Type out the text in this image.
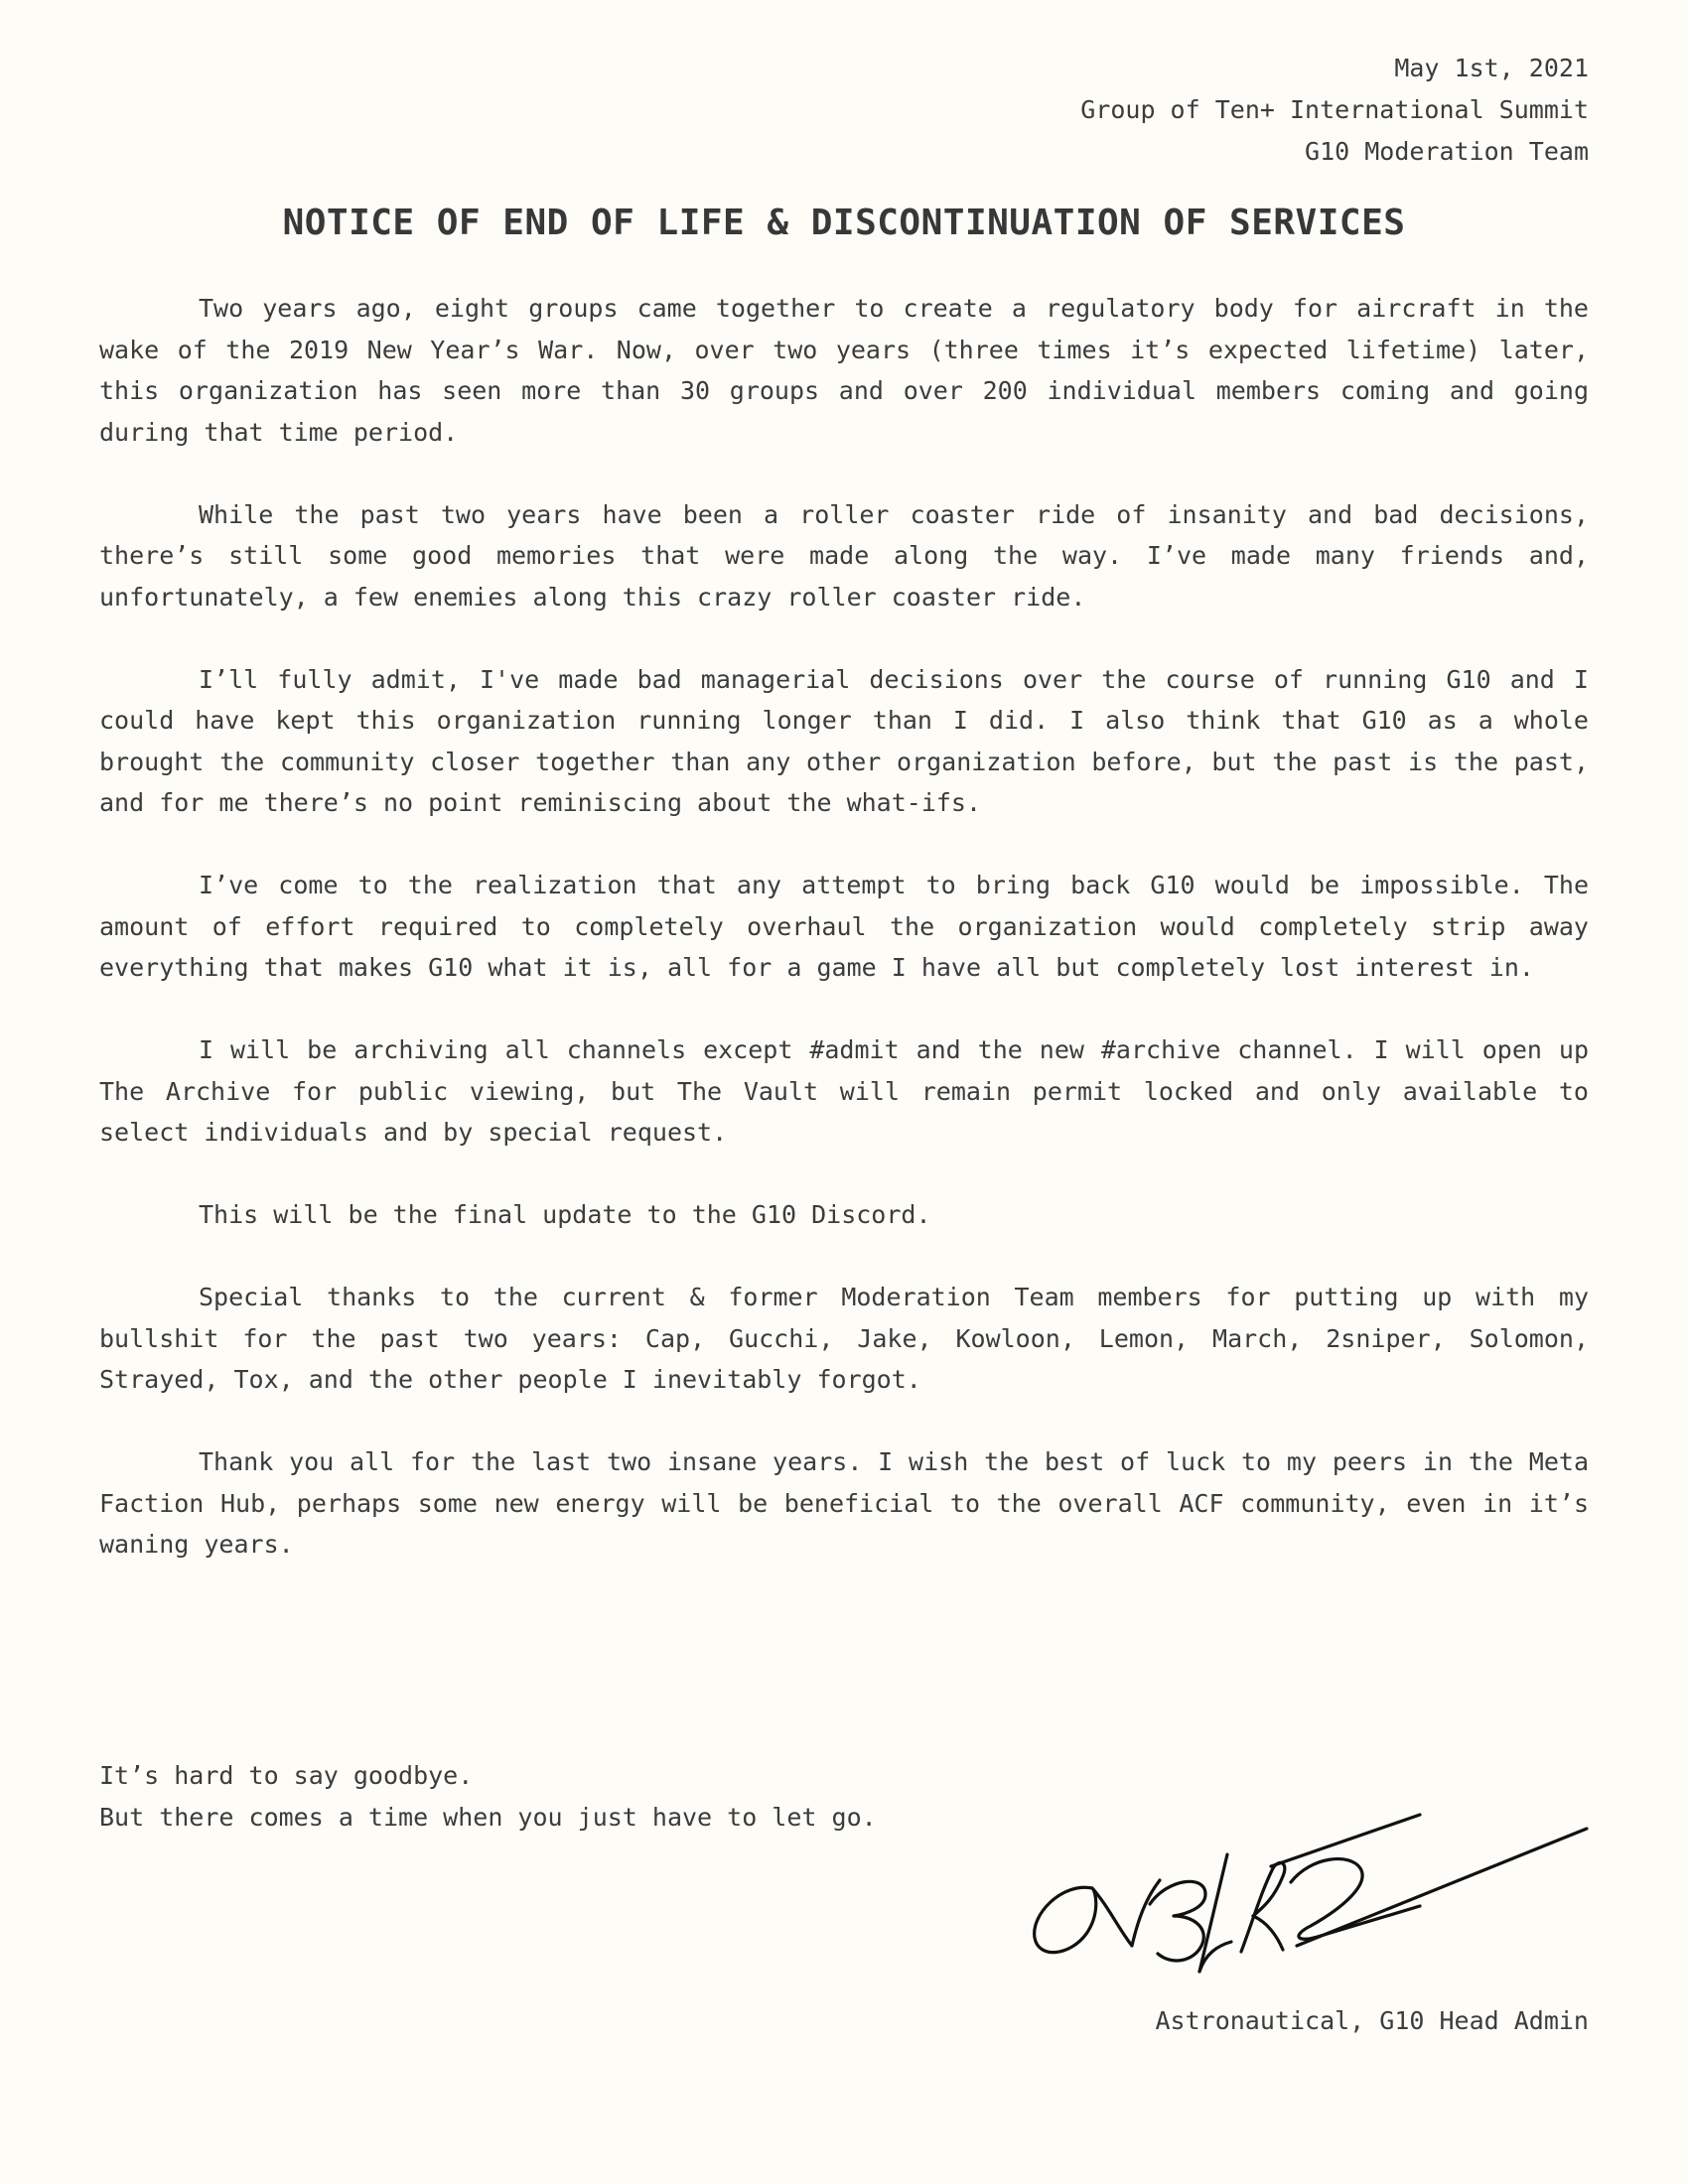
May 1st, 2021
Group of Ten+ International Summit
G10 Moderation Team
NOTICE OF END OF LIFE & DISCONTINUATION OF SERVICES

Two years ago, eight groups came together to create a regulatory body for aircraft in the wake of the 2019 New Year’s War. Now, over two years (three times it’s expected lifetime) later, this organization has seen more than 30 groups and over 200 individual members coming and going during that time period.

While the past two years have been a roller coaster ride of insanity and bad decisions, there’s still some good memories that were made along the way. I’ve made many friends and, unfortunately, a few enemies along this crazy roller coaster ride.

I’ll fully admit, I've made bad managerial decisions over the course of running G10 and I could have kept this organization running longer than I did. I also think that G10 as a whole brought the community closer together than any other organization before, but the past is the past, and for me there’s no point reminiscing about the what-ifs.

I’ve come to the realization that any attempt to bring back G10 would be impossible. The amount of effort required to completely overhaul the organization would completely strip away everything that makes G10 what it is, all for a game I have all but completely lost interest in.

I will be archiving all channels except #admit and the new #archive channel. I will open up The Archive for public viewing, but The Vault will remain permit locked and only available to select individuals and by special request.

This will be the final update to the G10 Discord.

Special thanks to the current & former Moderation Team members for putting up with my bullshit for the past two years: Cap, Gucchi, Jake, Kowloon, Lemon, March, 2sniper, Solomon, Strayed, Tox, and the other people I inevitably forgot.

Thank you all for the last two insane years. I wish the best of luck to my peers in the Meta Faction Hub, perhaps some new energy will be beneficial to the overall ACF community, even in it’s waning years.

It’s hard to say goodbye.
But there comes a time when you just have to let go.
Astronautical, G10 Head Admin
